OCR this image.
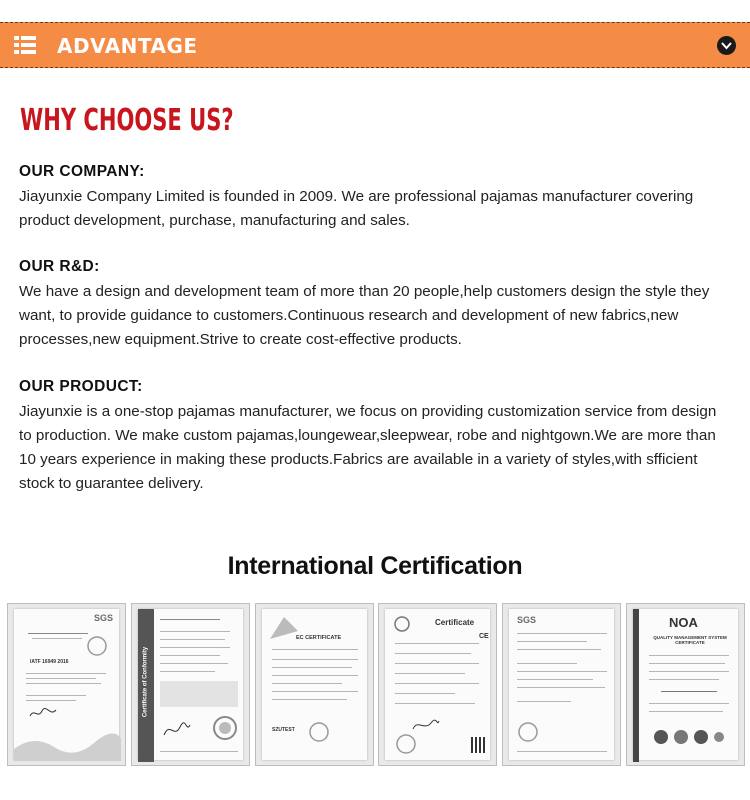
ADVANTAGE
WHY CHOOSE US?

OUR COMPANY:

Jiayunxie Company Limited is founded in 2009. We are professional pajamas manufacturer covering product development, purchase, manufacturing and sales.

OUR R&D:

We have a design and development team of more than 20 people,help customers design the style they want, to provide guidance to customers.Continuous research and development of new fabrics,new processes,new equipment.Strive to create cost-effective products.

OUR PRODUCT:

Jiayunxie is a one-stop pajamas manufacturer, we focus on providing customization service from design to production. We make custom pajamas,loungewear,sleepwear, robe and nightgown.We are more than 10 years experience in making these products.Fabrics are available in a variety of styles,with sfficient stock to guarantee delivery.

International Certification
SGS
IATF 16949 2016	Certificate of Conformity
EC CERTIFICATE
SZUTEST
Certificate
CE
SGS	NOA
QUALITY MANAGEMENT SYSTEM CERTIFICATE
